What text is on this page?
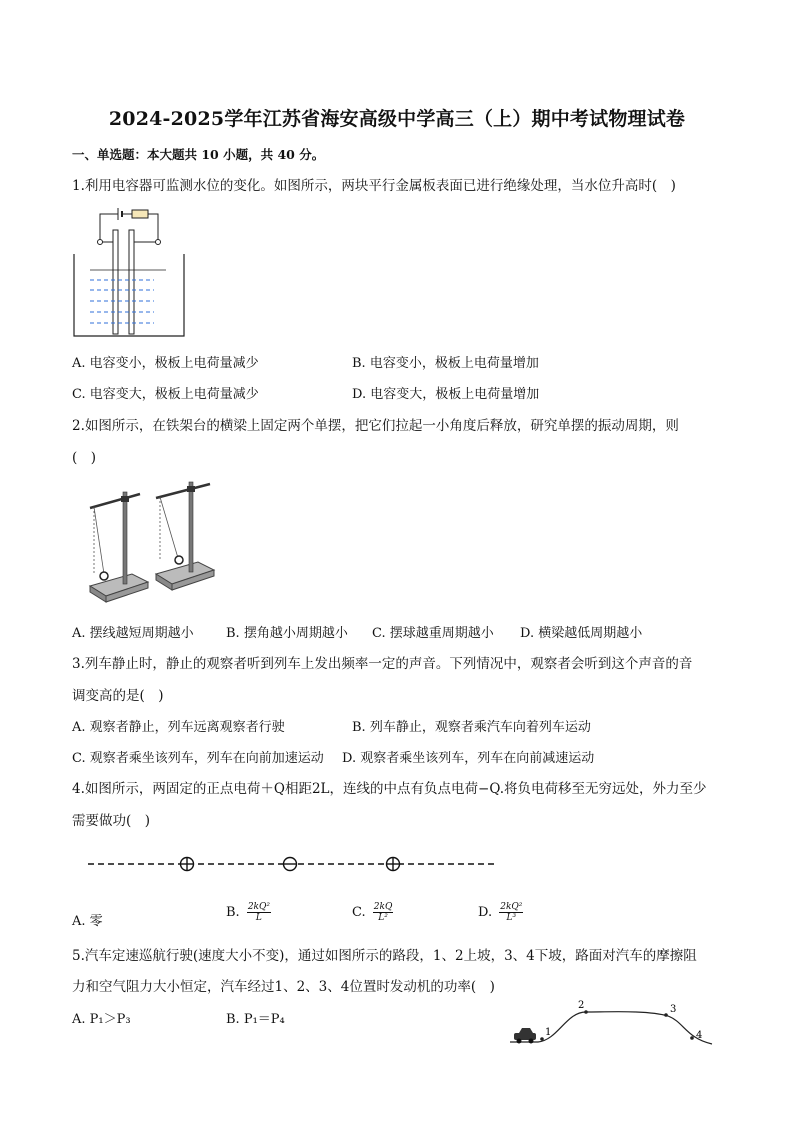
2024-2025学年江苏省海安高级中学高三（上）期中考试物理试卷
一、单选题：本大题共 10 小题，共 40 分。
1.利用电容器可监测水位的变化。如图所示，两块平行金属板表面已进行绝缘处理，当水位升高时(　)
A. 电容变小，极板上电荷量减少	B. 电容变小，极板上电荷量增加
C. 电容变大，极板上电荷量减少	D. 电容变大，极板上电荷量增加
2.如图所示，在铁架台的横梁上固定两个单摆，把它们拉起一小角度后释放，研究单摆的振动周期，则
(　)
A. 摆线越短周期越小 B. 摆角越小周期越小 C. 摆球越重周期越小 D. 横梁越低周期越小
3.列车静止时，静止的观察者听到列车上发出频率一定的声音。下列情况中，观察者会听到这个声音的音
调变高的是(　)
A. 观察者静止，列车远离观察者行驶	B. 列车静止，观察者乘汽车向着列车运动
C. 观察者乘坐该列车，列车在向前加速运动 D. 观察者乘坐该列车，列车在向前减速运动
4.如图所示，两固定的正点电荷＋Q相距2L，连线的中点有负点电荷−Q.将负电荷移至无穷远处，外力至少
需要做功(　)
A. 零
B. $\frac{\text{2kQ²}}{L}$	C. $\frac{2kQ}{\text{L²}}$	D. $\frac{\text{2kQ²}}{\text{L³}}$
5.汽车定速巡航行驶(速度大小不变)，通过如图所示的路段，1、2上坡，3、4下坡，路面对汽车的摩擦阻
力和空气阻力大小恒定，汽车经过1、2、3、4位置时发动机的功率(　)
A. P₁＞P₃	B. P₁＝P₄
1
2	3
4
